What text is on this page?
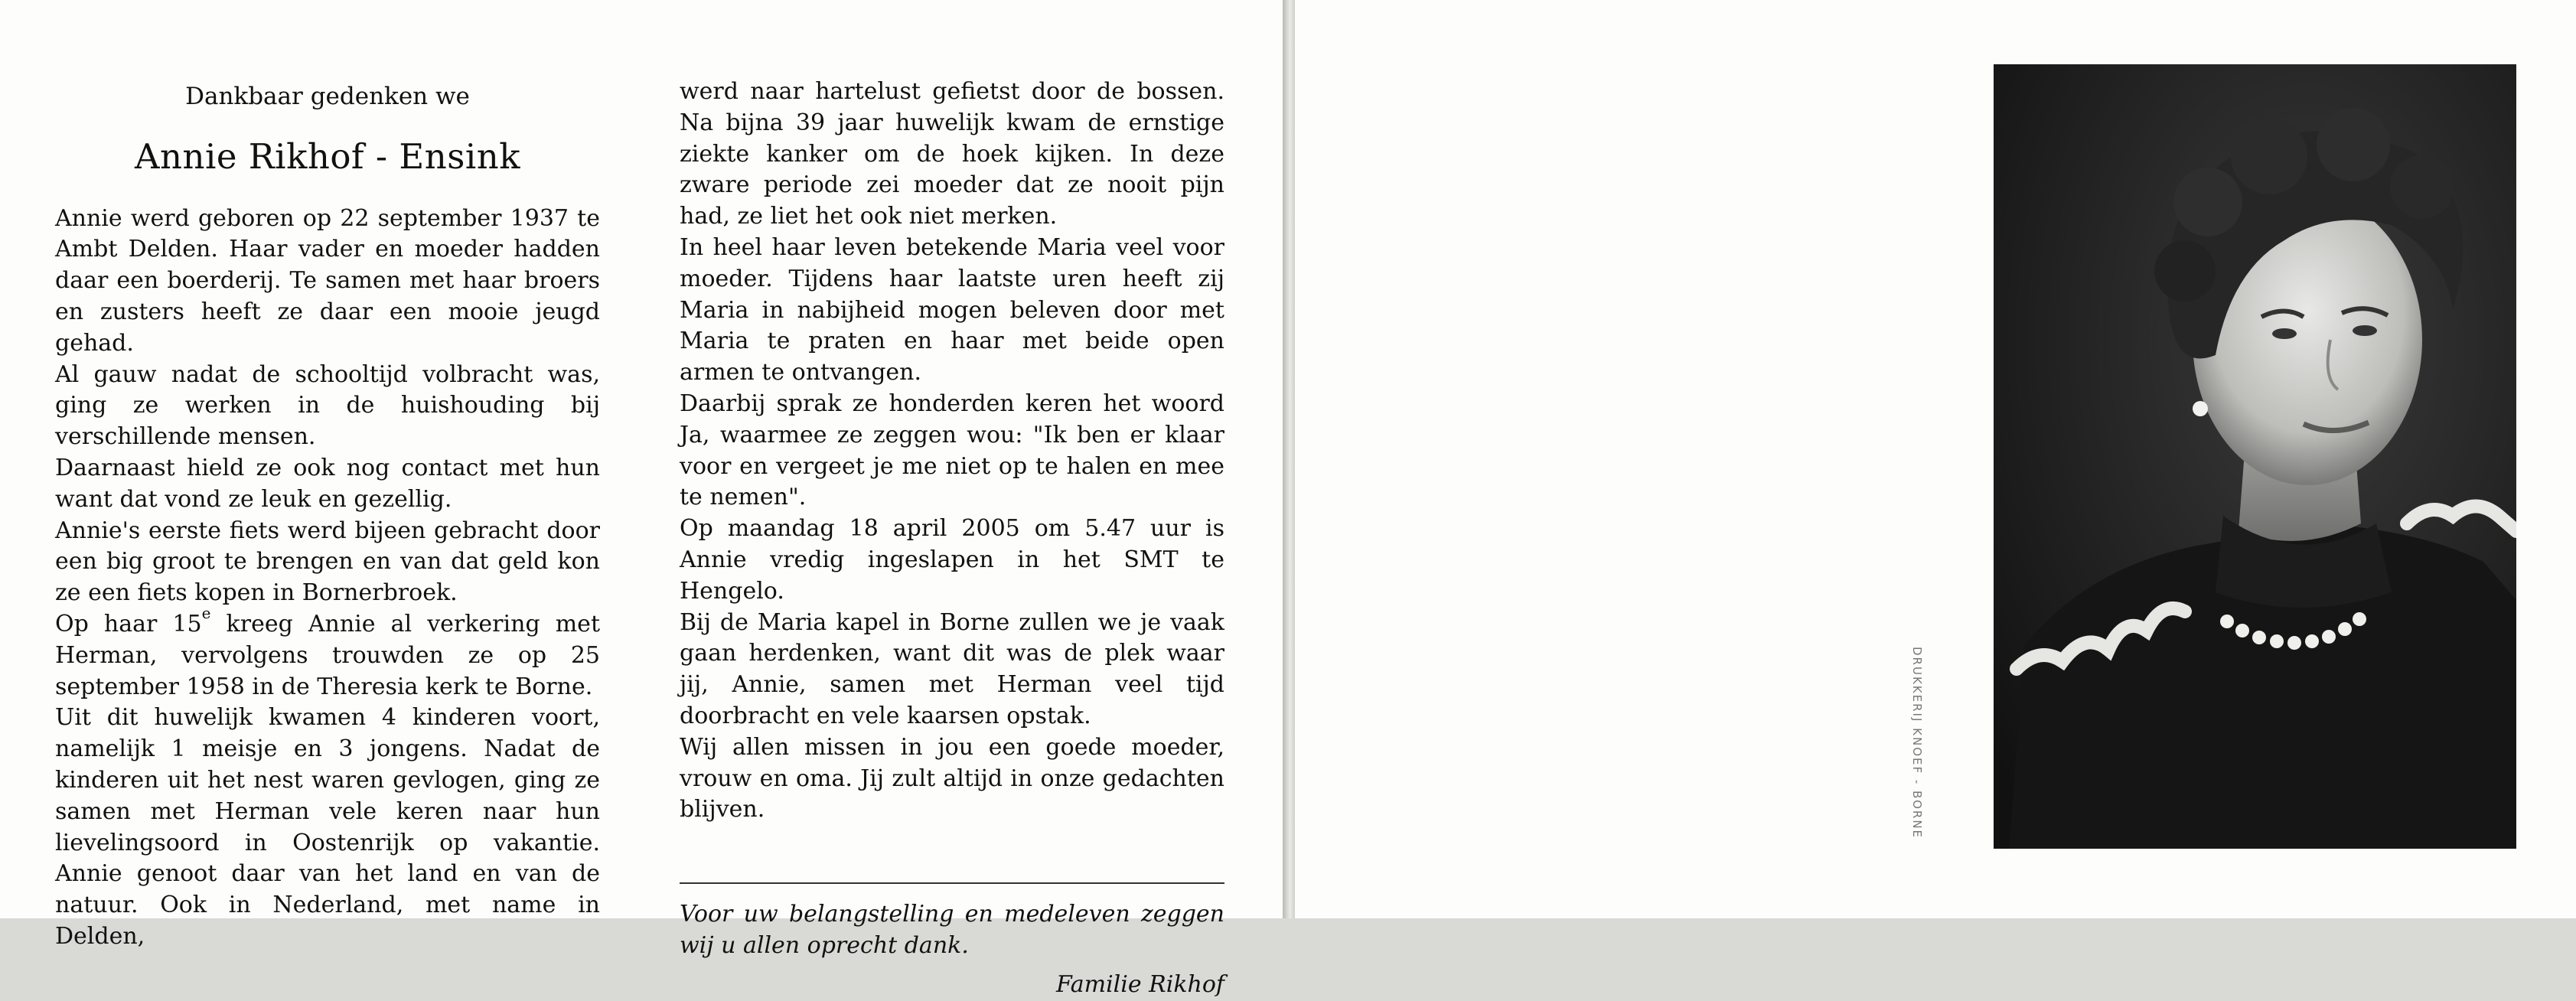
Dankbaar gedenken we
Annie Rikhof - Ensink

Annie werd geboren op 22 september 1937 te Ambt Delden. Haar vader en moeder hadden daar een boerderij. Te samen met haar broers en zusters heeft ze daar een mooie jeugd gehad.

Al gauw nadat de schooltijd volbracht was, ging ze werken in de huishouding bij verschillende mensen.

Daarnaast hield ze ook nog contact met hun want dat vond ze leuk en gezellig.

Annie's eerste fiets werd bijeen gebracht door een big groot te brengen en van dat geld kon ze een fiets kopen in Bornerbroek.

Op haar 15e kreeg Annie al verkering met Herman, vervolgens trouwden ze op 25 september 1958 in de Theresia kerk te Borne.

Uit dit huwelijk kwamen 4 kinderen voort, namelijk 1 meisje en 3 jongens. Nadat de kinderen uit het nest waren gevlogen, ging ze samen met Herman vele keren naar hun lievelingsoord in Oostenrijk op vakantie. Annie genoot daar van het land en van de natuur. Ook in Nederland, met name in Delden,

werd naar hartelust gefietst door de bossen. Na bijna 39 jaar huwelijk kwam de ernstige ziekte kanker om de hoek kijken. In deze zware periode zei moeder dat ze nooit pijn had, ze liet het ook niet merken.

In heel haar leven betekende Maria veel voor moeder. Tijdens haar laatste uren heeft zij Maria in nabijheid mogen beleven door met Maria te praten en haar met beide open armen te ontvangen.

Daarbij sprak ze honderden keren het woord Ja, waarmee ze zeggen wou: "Ik ben er klaar voor en vergeet je me niet op te halen en mee te nemen".

Op maandag 18 april 2005 om 5.47 uur is Annie vredig ingeslapen in het SMT te Hengelo.

Bij de Maria kapel in Borne zullen we je vaak gaan herdenken, want dit was de plek waar jij, Annie, samen met Herman veel tijd doorbracht en vele kaarsen opstak.

Wij allen missen in jou een goede moeder, vrouw en oma. Jij zult altijd in onze gedachten blijven.

Voor uw belangstelling en medeleven zeggen wij u allen oprecht dank.

Familie Rikhof

DRUKKERIJ KNOEF - BORNE
